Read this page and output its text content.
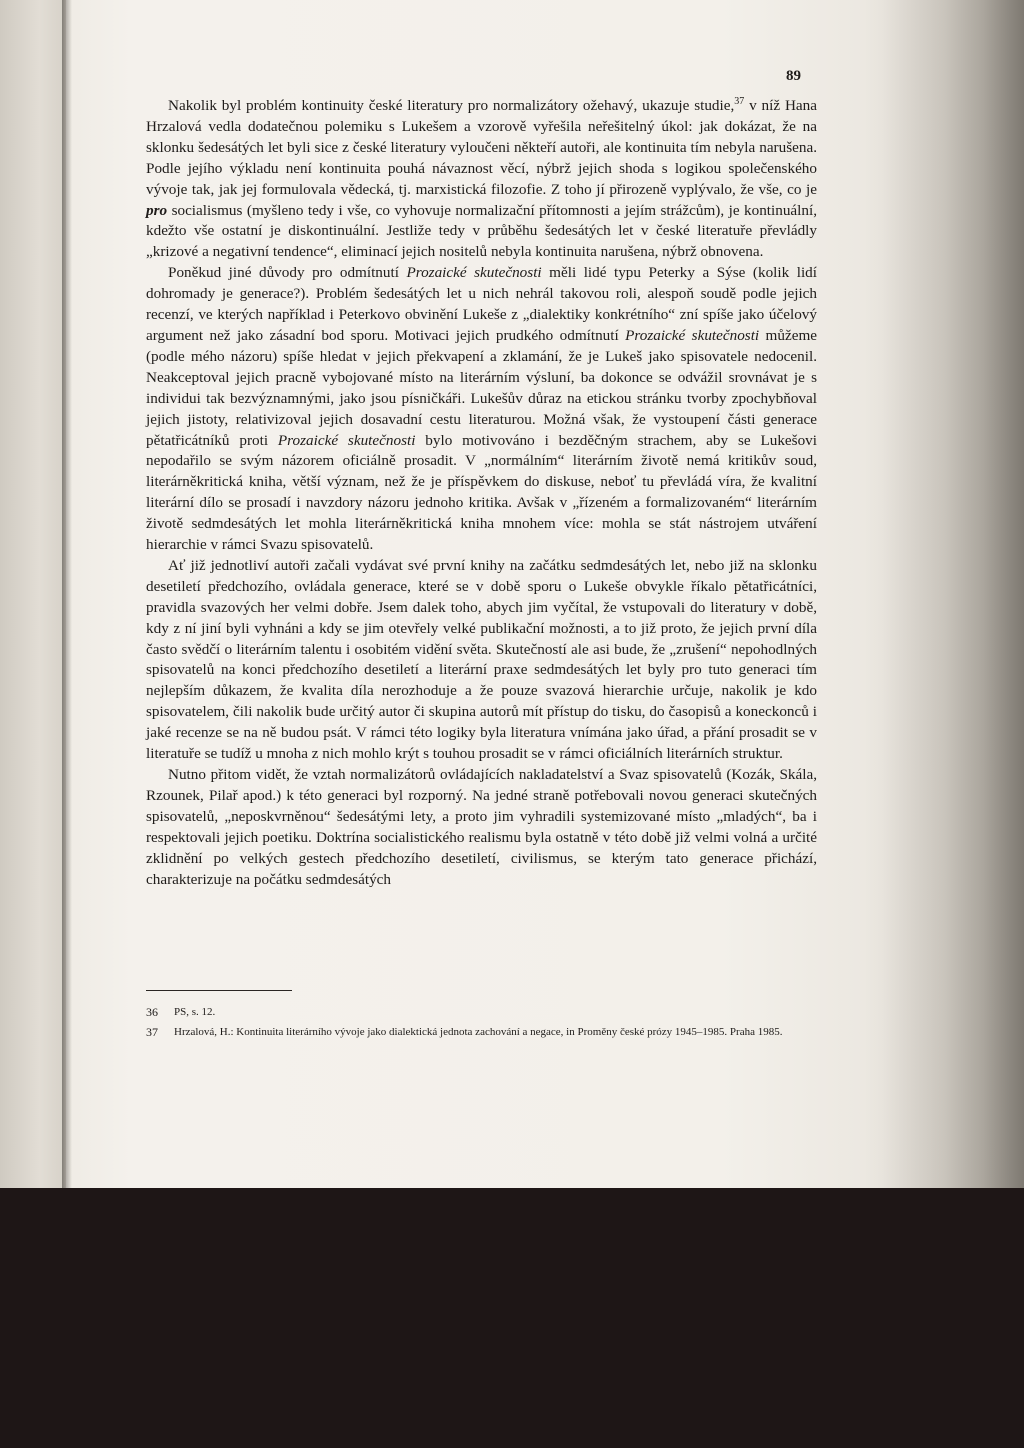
89

Nakolik byl problém kontinuity české literatury pro normalizátory ožehavý, ukazuje studie,$^{37}$ v níž Hana Hrzalová vedla dodatečnou polemiku s Lukešem a vzorově vyřešila neřešitelný úkol: jak dokázat, že na sklonku šedesátých let byli sice z české literatury vyloučeni někteří autoři, ale kontinuita tím nebyla narušena. Podle jejího výkladu není kontinuita pouhá návaznost věcí, nýbrž jejich shoda s logikou společenského vývoje tak, jak jej formulovala vědecká, tj. marxistická filozofie. Z toho jí přirozeně vyplývalo, že vše, co je pro socialismus (myšleno tedy i vše, co vyhovuje normalizační přítomnosti a jejím strážcům), je kontinuální, kdežto vše ostatní je diskontinuální. Jestliže tedy v průběhu šedesátých let v české literatuře převládly „krizové a negativní tendence“, eliminací jejich nositelů nebyla kontinuita narušena, nýbrž obnovena.

Poněkud jiné důvody pro odmítnutí Prozaické skutečnosti měli lidé typu Peterky a Sýse (kolik lidí dohromady je generace?). Problém šedesátých let u nich nehrál takovou roli, alespoň soudě podle jejich recenzí, ve kterých například i Peterkovo obvinění Lukeše z „dialektiky konkrétního“ zní spíše jako účelový argument než jako zásadní bod sporu. Motivaci jejich prudkého odmítnutí Prozaické skutečnosti můžeme (podle mého názoru) spíše hledat v jejich překvapení a zklamání, že je Lukeš jako spisovatele nedocenil. Neakceptoval jejich pracně vybojované místo na literárním výsluní, ba dokonce se odvážil srovnávat je s individui tak bezvýznamnými, jako jsou písničkáři. Lukešův důraz na etickou stránku tvorby zpochybňoval jejich jistoty, relativizoval jejich dosavadní cestu literaturou. Možná však, že vystoupení části generace pětatřicátníků proti Prozaické skutečnosti bylo motivováno i bezděčným strachem, aby se Lukešovi nepodařilo se svým názorem oficiálně prosadit. V „normálním“ literárním životě nemá kritikův soud, literárněkritická kniha, větší význam, než že je příspěvkem do diskuse, neboť tu převládá víra, že kvalitní literární dílo se prosadí i navzdory názoru jednoho kritika. Avšak v „řízeném a formalizovaném“ literárním životě sedmdesátých let mohla literárněkritická kniha mnohem více: mohla se stát nástrojem utváření hierarchie v rámci Svazu spisovatelů.

Ať již jednotliví autoři začali vydávat své první knihy na začátku sedmdesátých let, nebo již na sklonku desetiletí předchozího, ovládala generace, které se v době sporu o Lukeše obvykle říkalo pětatřicátníci, pravidla svazových her velmi dobře. Jsem dalek toho, abych jim vyčítal, že vstupovali do literatury v době, kdy z ní jiní byli vyhnáni a kdy se jim otevřely velké publikační možnosti, a to již proto, že jejich první díla často svědčí o literárním talentu i osobitém vidění světa. Skutečností ale asi bude, že „zrušení“ nepohodlných spisovatelů na konci předchozího desetiletí a literární praxe sedmdesátých let byly pro tuto generaci tím nejlepším důkazem, že kvalita díla nerozhoduje a že pouze svazová hierarchie určuje, nakolik je kdo spisovatelem, čili nakolik bude určitý autor či skupina autorů mít přístup do tisku, do časopisů a koneckonců i jaké recenze se na ně budou psát. V rámci této logiky byla literatura vnímána jako úřad, a přání prosadit se v literatuře se tudíž u mnoha z nich mohlo krýt s touhou prosadit se v rámci oficiálních literárních struktur.

Nutno přitom vidět, že vztah normalizátorů ovládajících nakladatelství a Svaz spisovatelů (Kozák, Skála, Rzounek, Pilař apod.) k této generaci byl rozporný. Na jedné straně potřebovali novou generaci skutečných spisovatelů, „neposkvrněnou“ šedesátými lety, a proto jim vyhradili systemizované místo „mladých“, ba i respektovali jejich poetiku. Doktrína socialistického realismu byla ostatně v této době již velmi volná a určité zklidnění po velkých gestech předchozího desetiletí, civilismus, se kterým tato generace přichází, charakterizuje na počátku sedmdesátých

36	PS, s. 12.
37	Hrzalová, H.: Kontinuita literárního vývoje jako dialektická jednota zachování a negace, in Proměny české prózy 1945–1985. Praha 1985.
